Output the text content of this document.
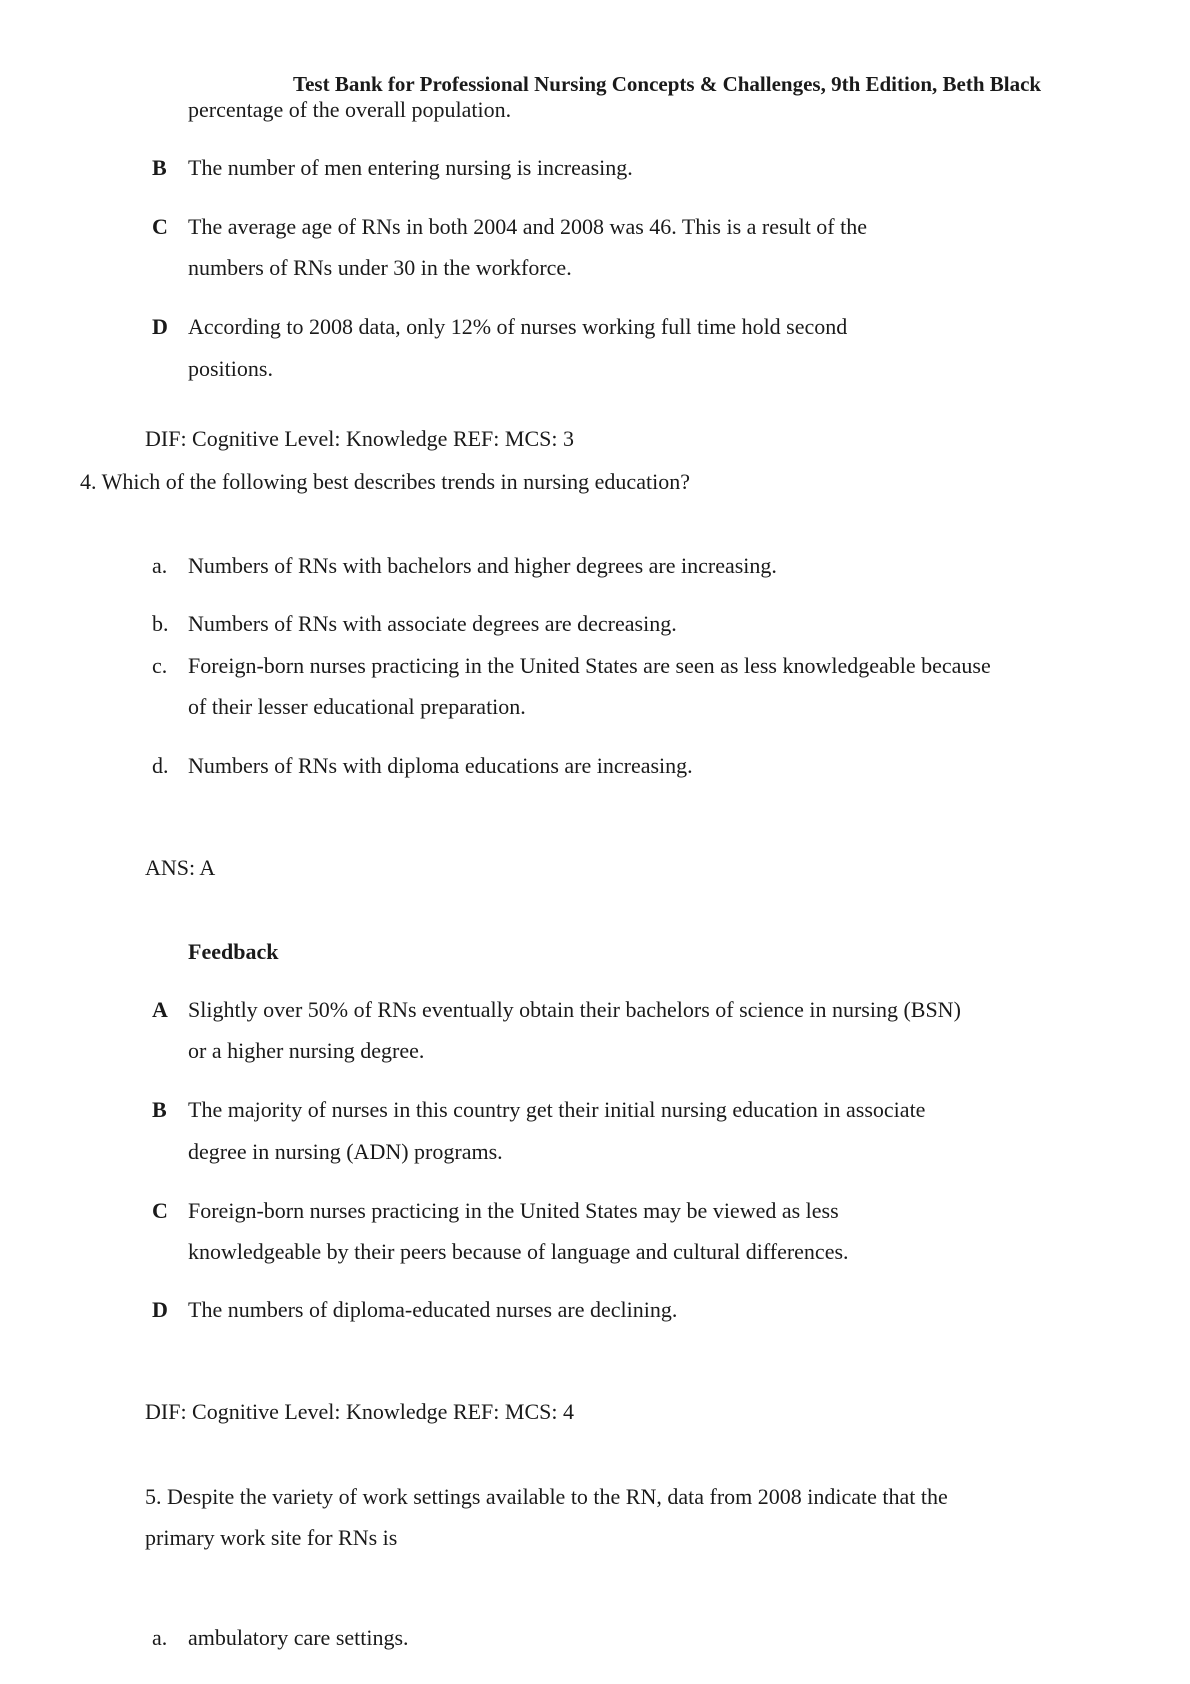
Test Bank for Professional Nursing Concepts & Challenges, 9th Edition, Beth Black
percentage of the overall population.
B The number of men entering nursing is increasing.
C The average age of RNs in both 2004 and 2008 was 46. This is a result of the
numbers of RNs under 30 in the workforce.
D According to 2008 data, only 12% of nurses working full time hold second
positions.
DIF: Cognitive Level: Knowledge REF: MCS: 3
4. Which of the following best describes trends in nursing education?
a. Numbers of RNs with bachelors and higher degrees are increasing.
b. Numbers of RNs with associate degrees are decreasing.
c. Foreign-born nurses practicing in the United States are seen as less knowledgeable because
of their lesser educational preparation.
d. Numbers of RNs with diploma educations are increasing.
ANS: A
Feedback
A Slightly over 50% of RNs eventually obtain their bachelors of science in nursing (BSN)
or a higher nursing degree.
B The majority of nurses in this country get their initial nursing education in associate
degree in nursing (ADN) programs.
C Foreign-born nurses practicing in the United States may be viewed as less
knowledgeable by their peers because of language and cultural differences.
D The numbers of diploma-educated nurses are declining.
DIF: Cognitive Level: Knowledge REF: MCS: 4
5. Despite the variety of work settings available to the RN, data from 2008 indicate that the
primary work site for RNs is
a. ambulatory care settings.
